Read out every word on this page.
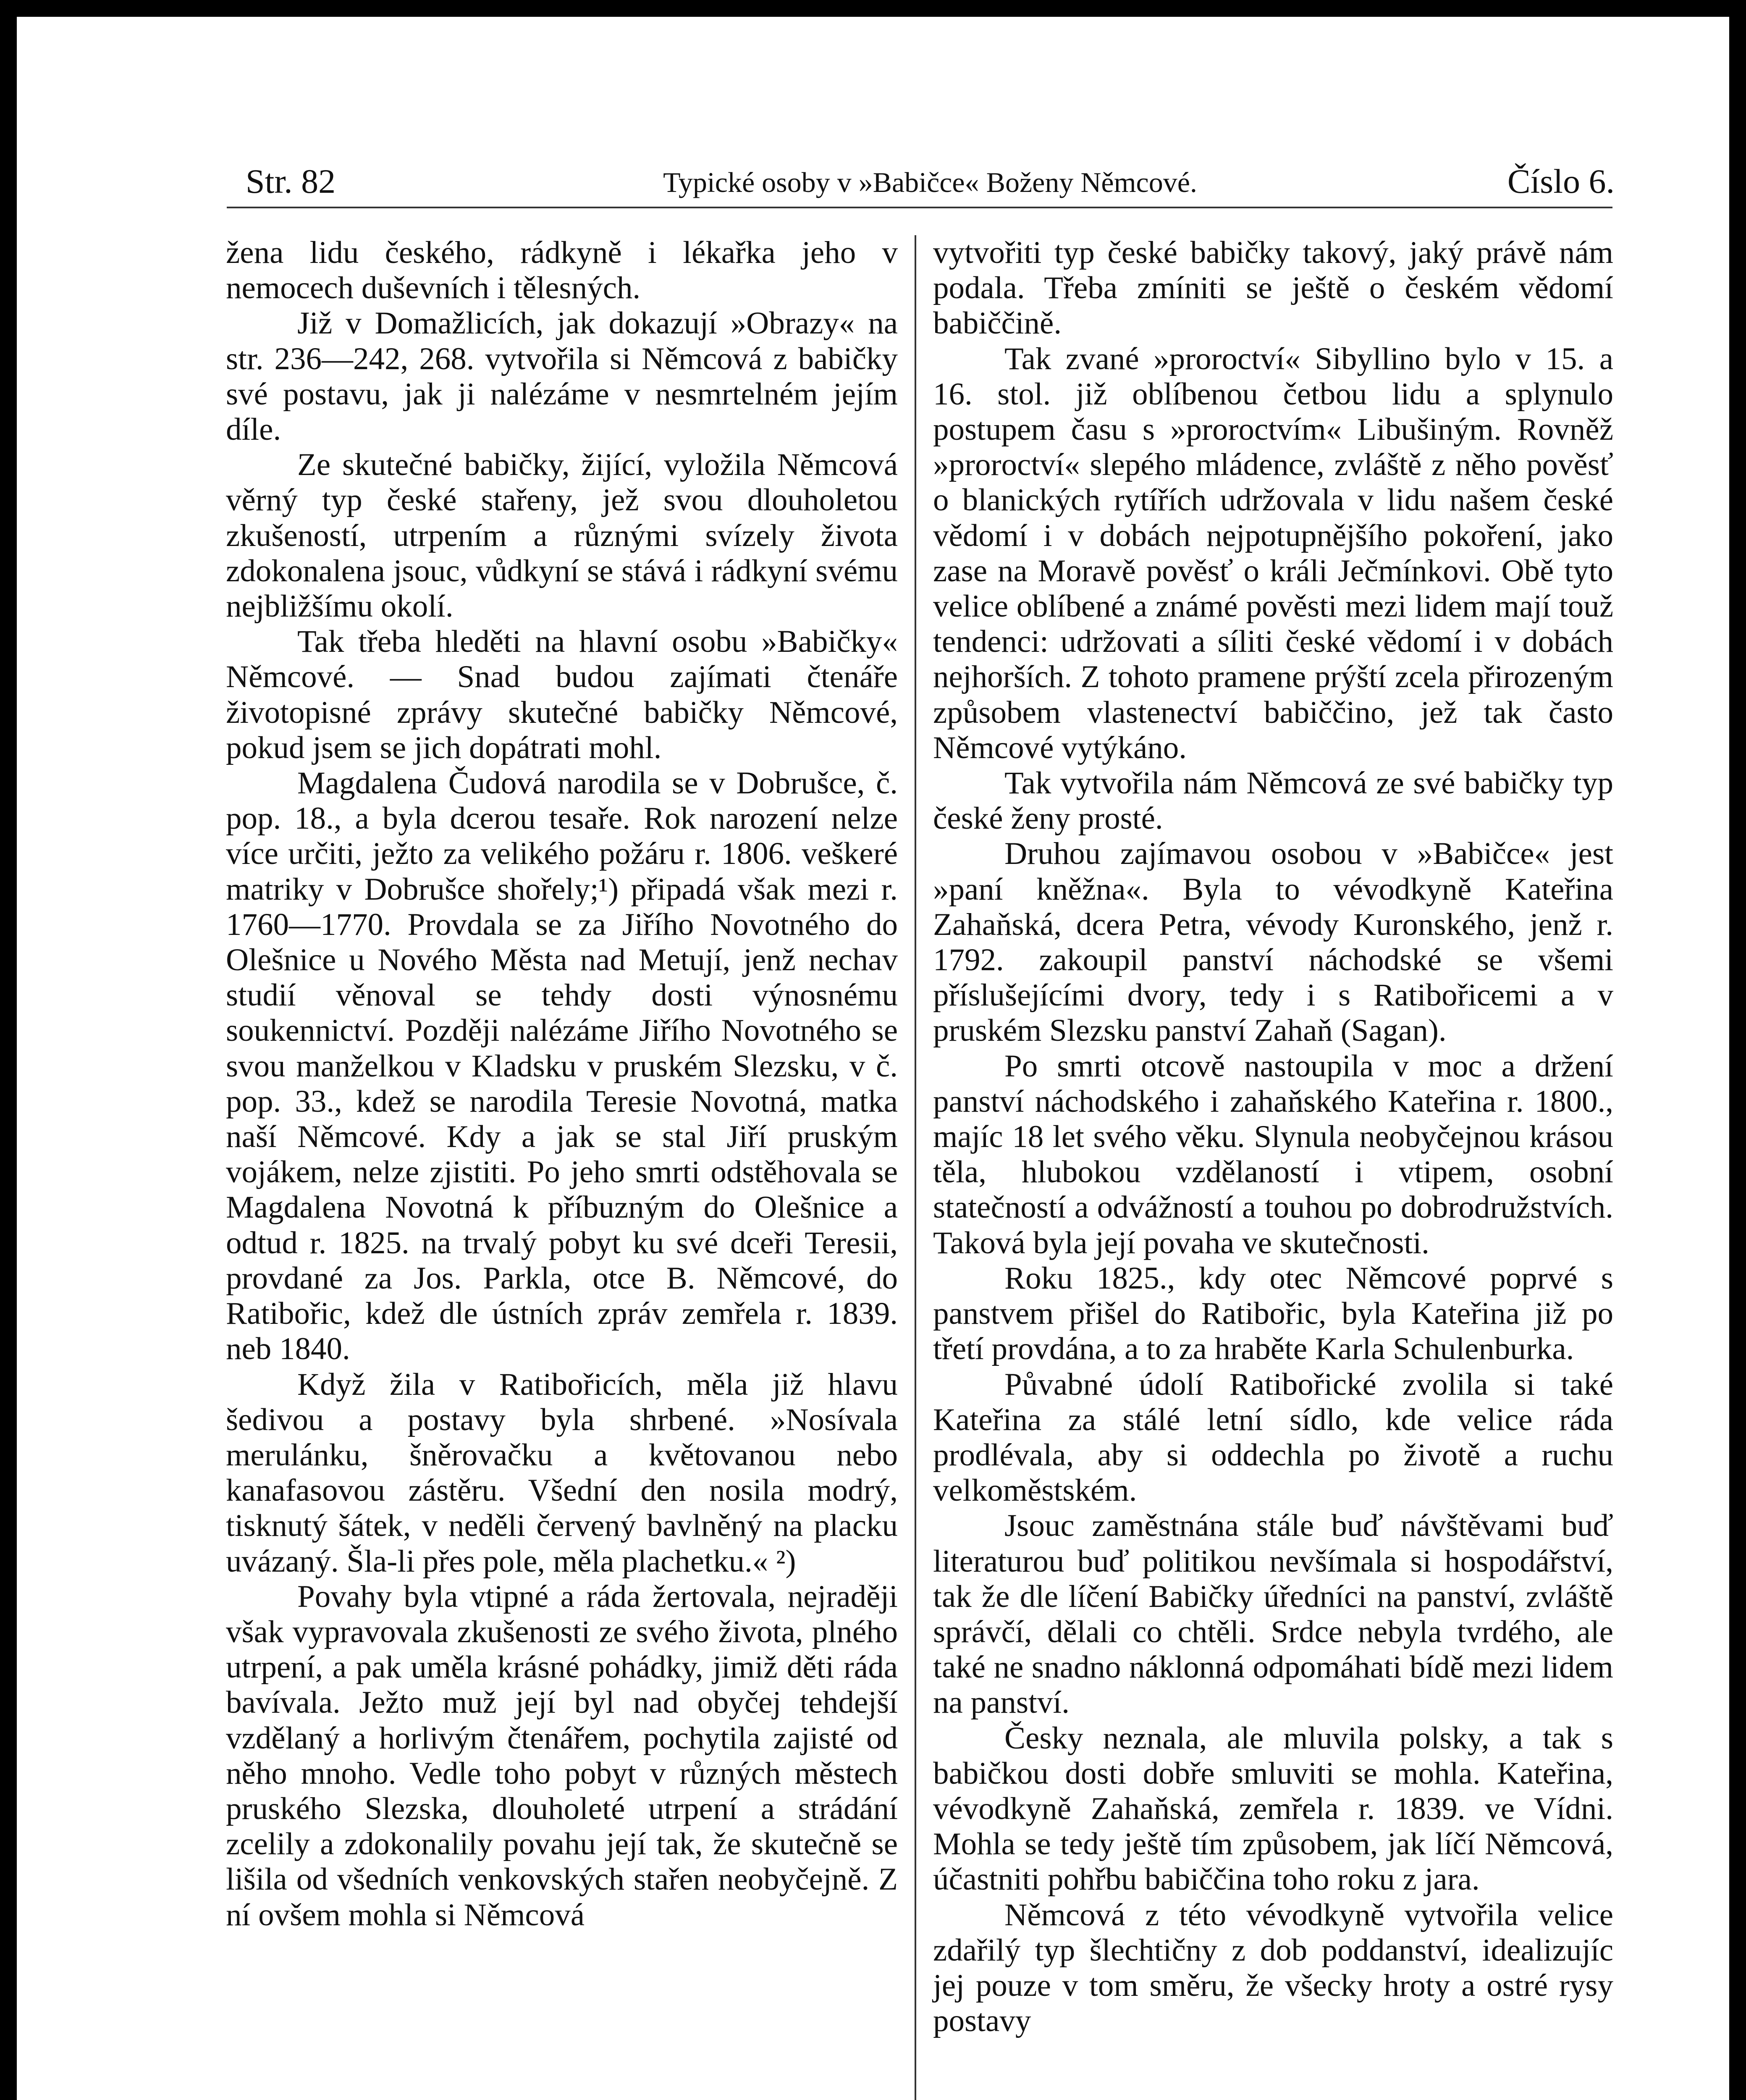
Str. 82	Typické osoby v »Babičce« Boženy Němcové.	Číslo 6.

žena lidu českého, rádkyně i lékařka jeho v nemocech duševních i tělesných.

Již v Domažlicích, jak dokazují »Obrazy« na str. 236—242, 268. vytvořila si Němcová z babičky své postavu, jak ji nalézáme v nesmrtelném jejím díle.

Ze skutečné babičky, žijící, vyložila Němcová věrný typ české stařeny, jež svou dlouholetou zkušeností, utrpením a různými svízely života zdokonalena jsouc, vůdkyní se stává i rádkyní svému nejbližšímu okolí.

Tak třeba hleděti na hlavní osobu »Babičky« Němcové. — Snad budou zajímati čtenáře životopisné zprávy skutečné babičky Němcové, pokud jsem se jich dopátrati mohl.

Magdalena Čudová narodila se v Dobrušce, č. pop. 18., a byla dcerou tesaře. Rok narození nelze více určiti, ježto za velikého požáru r. 1806. veškeré matriky v Dobrušce shořely;¹) připadá však mezi r. 1760—1770. Provdala se za Jiřího Novotného do Olešnice u Nového Města nad Metují, jenž nechav studií věnoval se tehdy dosti výnosnému soukennictví. Později nalézáme Jiřího Novotného se svou manželkou v Kladsku v pruském Slezsku, v č. pop. 33., kdež se narodila Teresie Novotná, matka naší Němcové. Kdy a jak se stal Jiří pruským vojákem, nelze zjistiti. Po jeho smrti odstěhovala se Magdalena Novotná k příbuzným do Olešnice a odtud r. 1825. na trvalý pobyt ku své dceři Teresii, provdané za Jos. Parkla, otce B. Němcové, do Ratibořic, kdež dle ústních zpráv zemřela r. 1839. neb 1840.

Když žila v Ratibořicích, měla již hlavu šedivou a postavy byla shrbené. »Nosívala merulánku, šněrovačku a květovanou nebo kanafasovou zástěru. Všední den nosila modrý, tisknutý šátek, v neděli červený bavlněný na placku uvázaný. Šla-li přes pole, měla plachetku.« ²)

Povahy byla vtipné a ráda žertovala, nejraději však vypravovala zkušenosti ze svého života, plného utrpení, a pak uměla krásné pohádky, jimiž děti ráda bavívala. Ježto muž její byl nad obyčej tehdejší vzdělaný a horlivým čtenářem, pochytila zajisté od něho mnoho. Vedle toho pobyt v různých městech pruského Slezska, dlouholeté utrpení a strádání zcelily a zdokonalily povahu její tak, že skutečně se lišila od všedních venkovských stařen neobyčejně. Z ní ovšem mohla si Němcová

vytvořiti typ české babičky takový, jaký právě nám podala. Třeba zmíniti se ještě o českém vědomí babiččině.

Tak zvané »proroctví« Sibyllino bylo v 15. a 16. stol. již oblíbenou četbou lidu a splynulo postupem času s »proroctvím« Libušiným. Rovněž »proroctví« slepého mládence, zvláště z něho pověsť o blanických rytířích udržovala v lidu našem české vědomí i v dobách nejpotupnějšího pokoření, jako zase na Moravě pověsť o králi Ječmínkovi. Obě tyto velice oblíbené a známé pověsti mezi lidem mají touž tendenci: udržovati a síliti české vědomí i v dobách nejhorších. Z tohoto pramene prýští zcela přirozeným způsobem vlastenectví babiččino, jež tak často Němcové vytýkáno.

Tak vytvořila nám Němcová ze své babičky typ české ženy prosté.

Druhou zajímavou osobou v »Babičce« jest »paní kněžna«. Byla to vévodkyně Kateřina Zahaňská, dcera Petra, vévody Kuronského, jenž r. 1792. zakoupil panství náchodské se všemi příslušejícími dvory, tedy i s Ratibořicemi a v pruském Slezsku panství Zahaň (Sagan).

Po smrti otcově nastoupila v moc a držení panství náchodského i zahaňského Kateřina r. 1800., majíc 18 let svého věku. Slynula neobyčejnou krásou těla, hlubokou vzdělaností i vtipem, osobní statečností a odvážností a touhou po dobrodružstvích. Taková byla její povaha ve skutečnosti.

Roku 1825., kdy otec Němcové poprvé s panstvem přišel do Ratibořic, byla Kateřina již po třetí provdána, a to za hraběte Karla Schulenburka.

Půvabné údolí Ratibořické zvolila si také Kateřina za stálé letní sídlo, kde velice ráda prodlévala, aby si oddechla po životě a ruchu velkoměstském.

Jsouc zaměstnána stále buď návštěvami buď literaturou buď politikou nevšímala si hospodářství, tak že dle líčení Babičky úředníci na panství, zvláště správčí, dělali co chtěli. Srdce nebyla tvrdého, ale také ne snadno náklonná odpomáhati bídě mezi lidem na panství.

Česky neznala, ale mluvila polsky, a tak s babičkou dosti dobře smluviti se mohla. Kateřina, vévodkyně Zahaňská, zemřela r. 1839. ve Vídni. Mohla se tedy ještě tím způsobem, jak líčí Němcová, účastniti pohřbu babiččina toho roku z jara.

Němcová z této vévodkyně vytvořila velice zdařilý typ šlechtičny z dob poddanství, idealizujíc jej pouze v tom směru, že všecky hroty a ostré rysy postavy
